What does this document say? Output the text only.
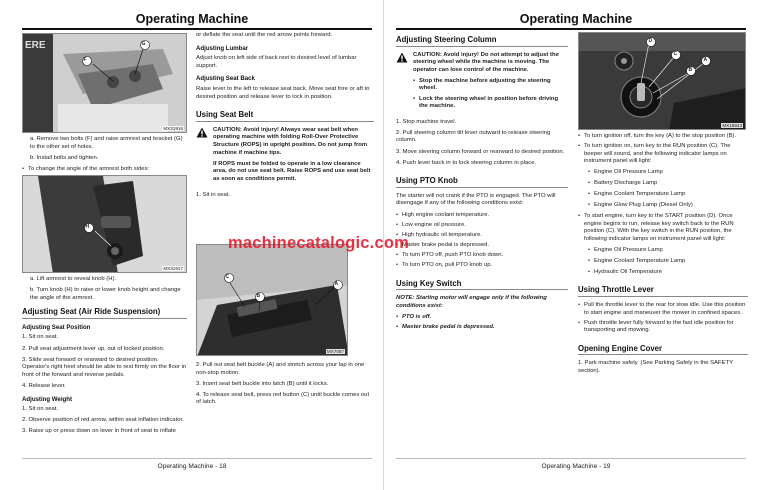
Operating Machine
ERE
F
G
MX31916

a. Remove two bolts (F) and raise armrest and bracket (G) to the other set of holes.

b. Install bolts and tighten.

• To change the angle of the armrest both sides:
H
MX31917

a. Lift armrest to reveal knob (H).

b. Turn knob (H) to raise or lower knob height and change the angle of the armrest.

Adjusting Seat (Air Ride Suspension)
Adjusting Seat Position

1. Sit on seat.

2. Pull seat adjustment lever up, out of locked position.

3. Slide seat forward or rearward to desired position. Operator's right heel should be able to rest firmly on the floor in front of the forward and reverse pedals.

4. Release lever.

Adjusting Weight

1. Sit on seat.

2. Observe position of red arrow, within seat inflation indicator.

3. Raise up or press down on lever in front of seat to inflate

or deflate the seat until the red arrow points forward.

Adjusting Lumbar

Adjust knob on left side of back rest to desired level of lumbar support.

Adjusting Seat Back

Raise lever to the left to release seat back. Move seat fore or aft to desired position and release lever to lock in position.

Using Seat Belt

CAUTION: Avoid injury! Always wear seat belt when operating machine with folding Roll-Over Protective Structure (ROPS) in upright position. Do not jump from machine if machine tips.

If ROPS must be folded to operate in a low clearance area, do not use seat belt. Raise ROPS and use seat belt as soon as conditions permit.

1. Sit in seat.

C
B
A
MX7087

2. Pull out seat belt buckle (A) and stretch across your lap in one non-stop motion.

3. Insert seat belt buckle into latch (B) until it locks.

4. To release seat belt, press red button (C) until buckle comes out of latch.

Operating Machine - 18
Operating Machine
Adjusting Steering Column

CAUTION: Avoid injury! Do not attempt to adjust the steering wheel while the machine is moving. The operator can lose control of the machine.

• Stop the machine before adjusting the steering wheel.
• Lock the steering wheel in position before driving the machine.

1. Stop machine travel.

2. Pull steering column tilt lever outward to release steering column.

3. Move steering column forward or rearward to desired position.

4. Push lever back in to lock steering column in place.

Using PTO Knob

The starter will not crank if the PTO is engaged. The PTO will disengage if any of the following conditions exist:

• High engine coolant temperature.
• Low engine oil pressure.
• High hydraulic oil temperature.
• Master brake pedal is depressed.
• To turn PTO off, push PTO knob down.
• To turn PTO on, pull PTO knob up.
Using Key Switch

NOTE: Starting motor will engage only if the following conditions exist:

• PTO is off.
• Master brake pedal is depressed.
D
C
A
B
MX18943
• To turn ignition off, turn the key (A) to the stop position (B).
• To turn ignition on, turn key to the RUN position (C). The beeper will sound, and the following indicator lamps on instrument panel will light:
• Engine Oil Pressure Lamp
• Battery Discharge Lamp
• Engine Coolant Temperature Lamp
• Engine Glow Plug Lamp (Diesel Only)
• To start engine, turn key to the START position (D). Once engine begins to run, release key switch back to the RUN position (C). With the key switch in the RUN position, the following indicator lamps on instrument panel will light:
• Engine Oil Pressure Lamp
• Engine Coolant Temperature Lamp
• Hydraulic Oil Temperature
Using Throttle Lever
• Pull the throttle lever to the rear for slow idle. Use this position to start engine and maneuver the mower in confined spaces.
• Push throttle lever fully forward to the fast idle position for transporting and mowing.
Opening Engine Cover

1. Park machine safely. (See Parking Safely in the SAFETY section).

Operating Machine - 19
machinecatalogic.com
